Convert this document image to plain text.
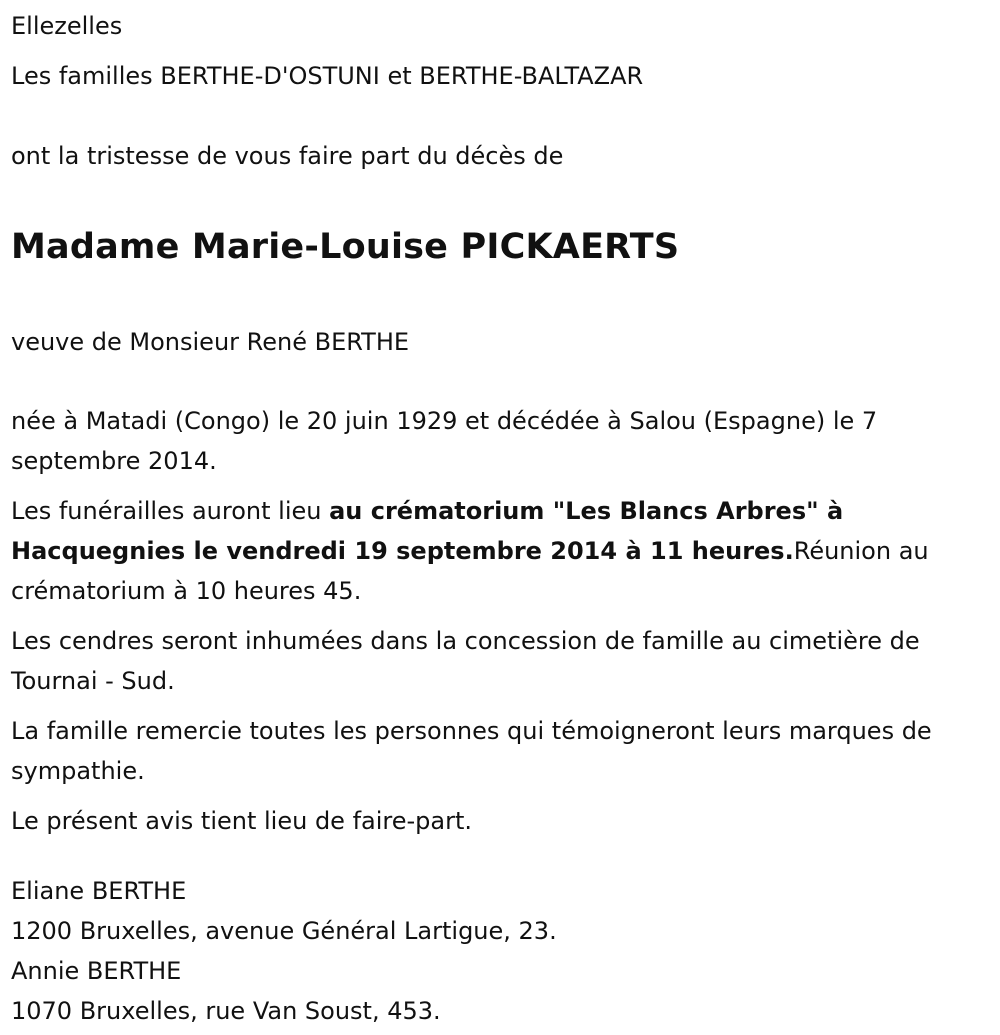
Ellezelles

Les familles BERTHE-D'OSTUNI et BERTHE-BALTAZAR

ont la tristesse de vous faire part du décès de

Madame Marie-Louise PICKAERTS

veuve de Monsieur René BERTHE

née à Matadi (Congo) le 20 juin 1929 et décédée à Salou (Espagne) le 7 septembre 2014.

Les funérailles auront lieu au crématorium "Les Blancs Arbres" à Hacquegnies le vendredi 19 septembre 2014 à 11 heures.Réunion au crématorium à 10 heures 45.

Les cendres seront inhumées dans la concession de famille au cimetière de Tournai - Sud.

La famille remercie toutes les personnes qui témoigneront leurs marques de sympathie.

Le présent avis tient lieu de faire-part.

Eliane BERTHE

1200 Bruxelles, avenue Général Lartigue, 23.

Annie BERTHE

1070 Bruxelles, rue Van Soust, 453.
